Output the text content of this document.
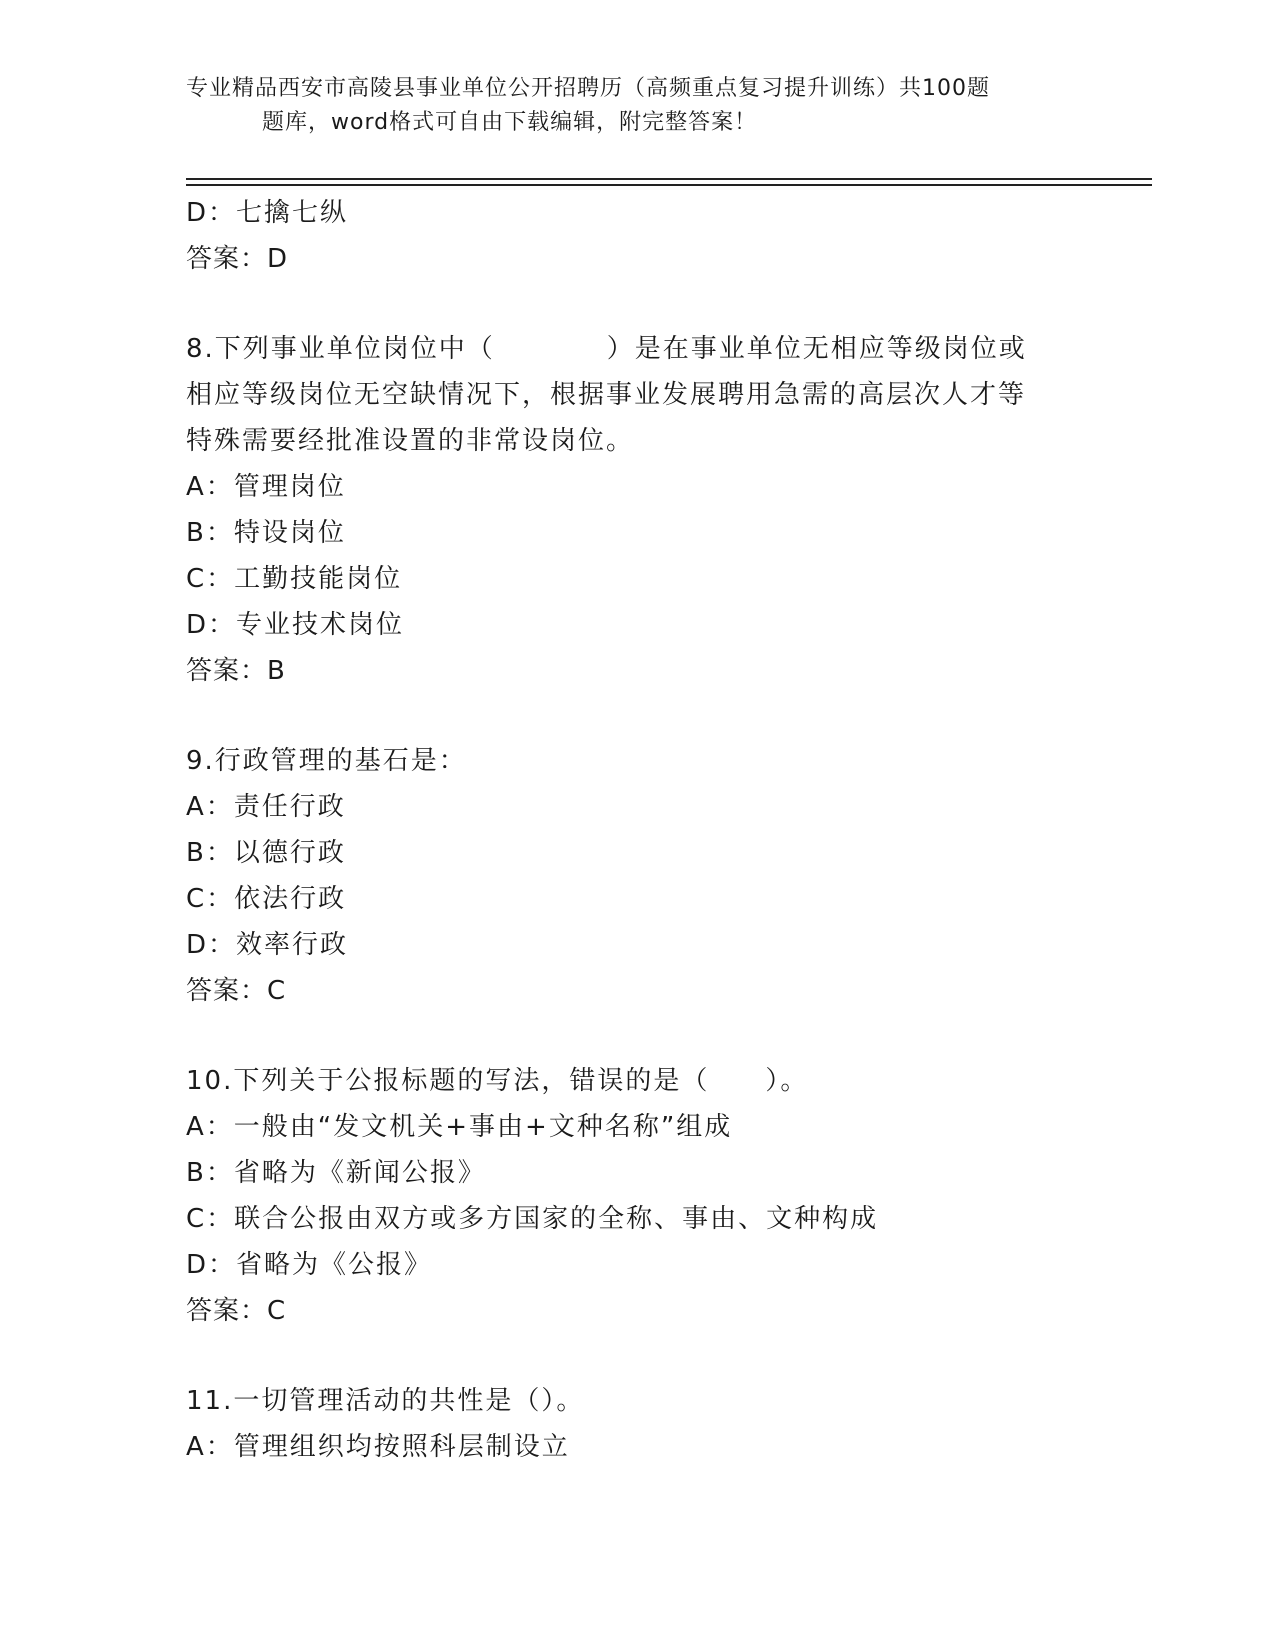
专业精品西安市高陵县事业单位公开招聘历（高频重点复习提升训练）共100题
题库，word格式可自由下载编辑，附完整答案！
D：七擒七纵
答案：D
8.下列事业单位岗位中（　　　　）是在事业单位无相应等级岗位或
相应等级岗位无空缺情况下，根据事业发展聘用急需的高层次人才等
特殊需要经批准设置的非常设岗位。
A：管理岗位
B：特设岗位
C：工勤技能岗位
D：专业技术岗位
答案：B
9.行政管理的基石是：
A：责任行政
B：以德行政
C：依法行政
D：效率行政
答案：C
10.下列关于公报标题的写法，错误的是（　　）。
A：一般由“发文机关+事由+文种名称”组成
B：省略为《新闻公报》
C：联合公报由双方或多方国家的全称、事由、文种构成
D：省略为《公报》
答案：C
11.一切管理活动的共性是（）。
A：管理组织均按照科层制设立
